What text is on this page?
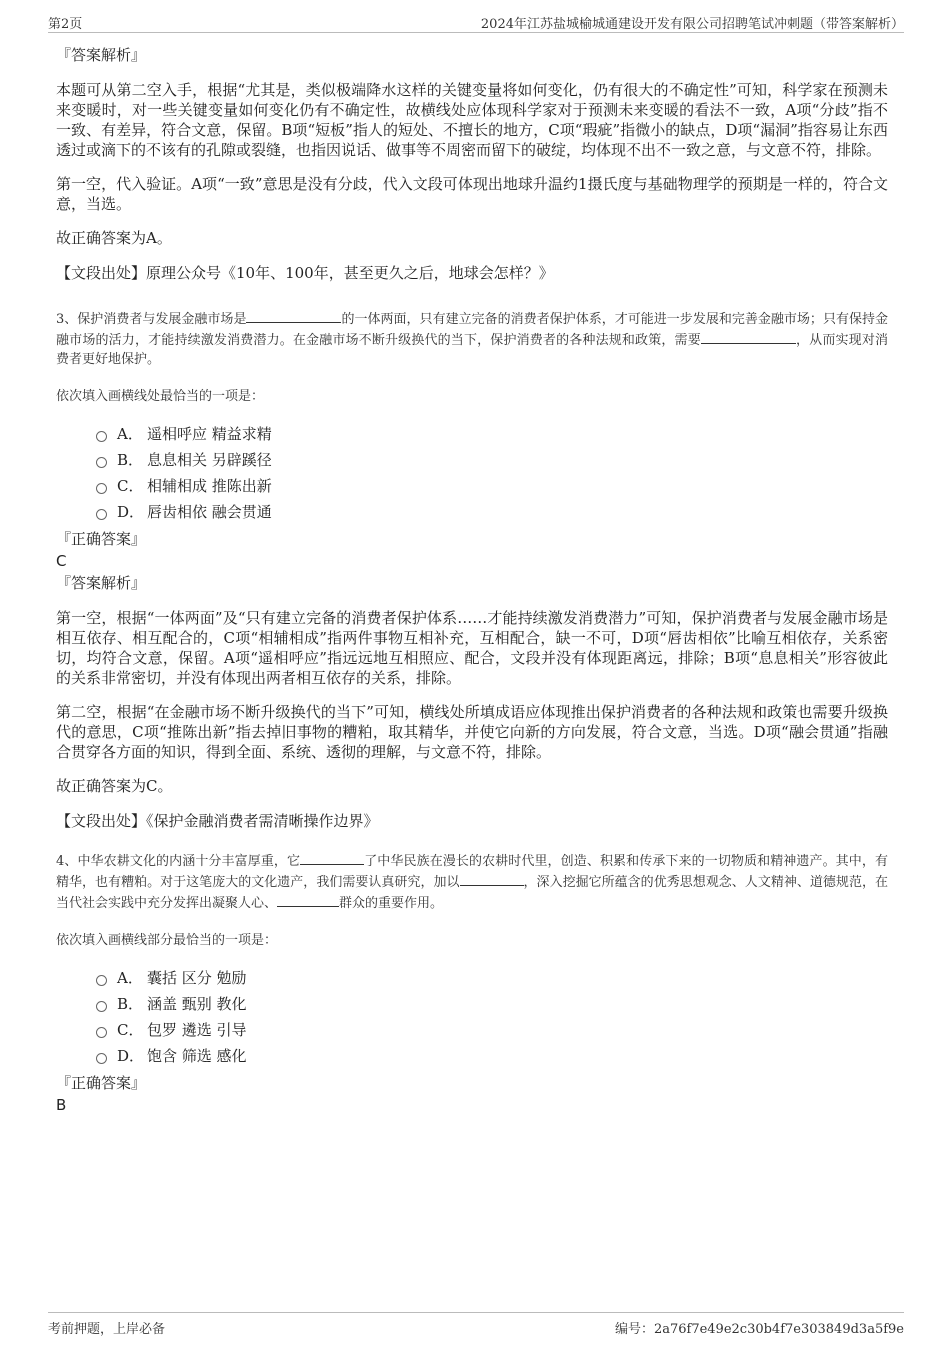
第2页	2024年江苏盐城榆城通建设开发有限公司招聘笔试冲刺题（带答案解析）

『答案解析』

本题可从第二空入手，根据“尤其是，类似极端降水这样的关键变量将如何变化，仍有很大的不确定性”可知，科学家在预测未来变暖时，对一些关键变量如何变化仍有不确定性，故横线处应体现科学家对于预测未来变暖的看法不一致，A项“分歧”指不一致、有差异，符合文意，保留。B项“短板”指人的短处、不擅长的地方，C项“瑕疵”指微小的缺点，D项“漏洞”指容易让东西透过或滴下的不该有的孔隙或裂缝，也指因说话、做事等不周密而留下的破绽，均体现不出不一致之意，与文意不符，排除。

第一空，代入验证。A项“一致”意思是没有分歧，代入文段可体现出地球升温约1摄氏度与基础物理学的预期是一样的，符合文意，当选。

故正确答案为A。

【文段出处】原理公众号《10年、100年，甚至更久之后，地球会怎样？》

3、保护消费者与发展金融市场是	的一体两面，只有建立完备的消费者保护体系，才可能进一步发展和完善金融市场；只有保持金融市场的活力，才能持续激发消费潜力。在金融市场不断升级换代的当下，保护消费者的各种法规和政策，需要	，从而实现对消费者更好地保护。

依次填入画横线处最恰当的一项是：

A． 遥相呼应 精益求精
B． 息息相关 另辟蹊径
C． 相辅相成 推陈出新
D． 唇齿相依 融会贯通

『正确答案』

C

『答案解析』

第一空，根据“一体两面”及“只有建立完备的消费者保护体系……才能持续激发消费潜力”可知，保护消费者与发展金融市场是相互依存、相互配合的，C项“相辅相成”指两件事物互相补充，互相配合，缺一不可，D项“唇齿相依”比喻互相依存，关系密切，均符合文意，保留。A项“遥相呼应”指远远地互相照应、配合，文段并没有体现距离远，排除；B项“息息相关”形容彼此的关系非常密切，并没有体现出两者相互依存的关系，排除。

第二空，根据“在金融市场不断升级换代的当下”可知，横线处所填成语应体现推出保护消费者的各种法规和政策也需要升级换代的意思，C项“推陈出新”指去掉旧事物的糟粕，取其精华，并使它向新的方向发展，符合文意，当选。D项“融会贯通”指融合贯穿各方面的知识，得到全面、系统、透彻的理解，与文意不符，排除。

故正确答案为C。

【文段出处】《保护金融消费者需清晰操作边界》

4、中华农耕文化的内涵十分丰富厚重，它	了中华民族在漫长的农耕时代里，创造、积累和传承下来的一切物质和精神遗产。其中，有精华，也有糟粕。对于这笔庞大的文化遗产，我们需要认真研究，加以	，深入挖掘它所蕴含的优秀思想观念、人文精神、道德规范，在当代社会实践中充分发挥出凝聚人心、	群众的重要作用。

依次填入画横线部分最恰当的一项是：

A． 囊括 区分 勉励
B． 涵盖 甄别 教化
C． 包罗 遴选 引导
D． 饱含 筛选 感化

『正确答案』

B

考前押题，上岸必备	编号：2a76f7e49e2c30b4f7e303849d3a5f9e
